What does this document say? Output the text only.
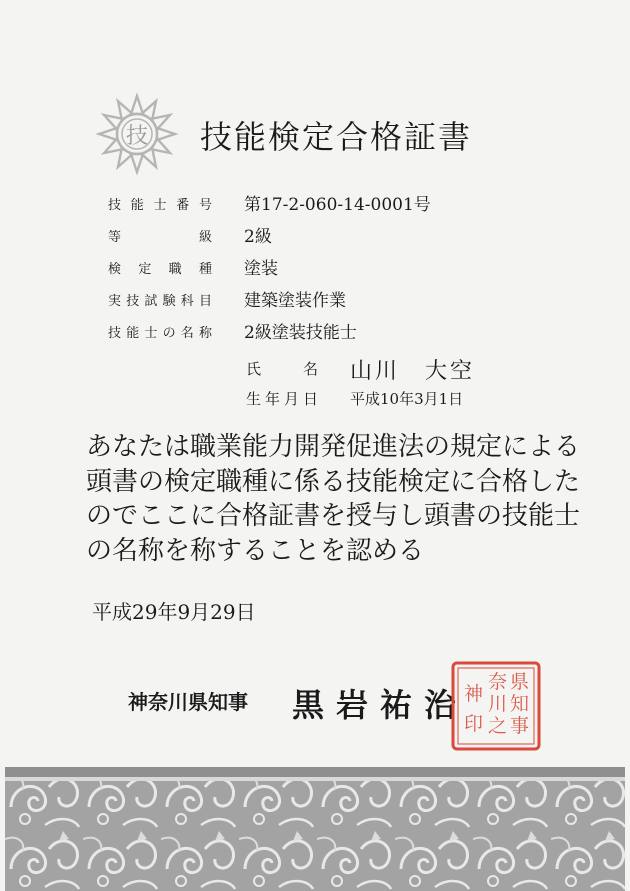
技 技能検定合格証書
技能士番号 第17-2-060-14-0001号
等級 2級
検定職種 塗装
実技試験科目 建築塗装作業
技能士の名称 2級塗装技能士
氏名 山川　大空
生年月日 平成10年3月1日
あなたは職業能力開発促進法の規定による
頭書の検定職種に係る技能検定に合格した
のでここに合格証書を授与し頭書の技能士
の名称を称することを認める
平成29年9月29日
神奈川県知事 黒岩祐治
県
知
事
奈
川
之
神
印
